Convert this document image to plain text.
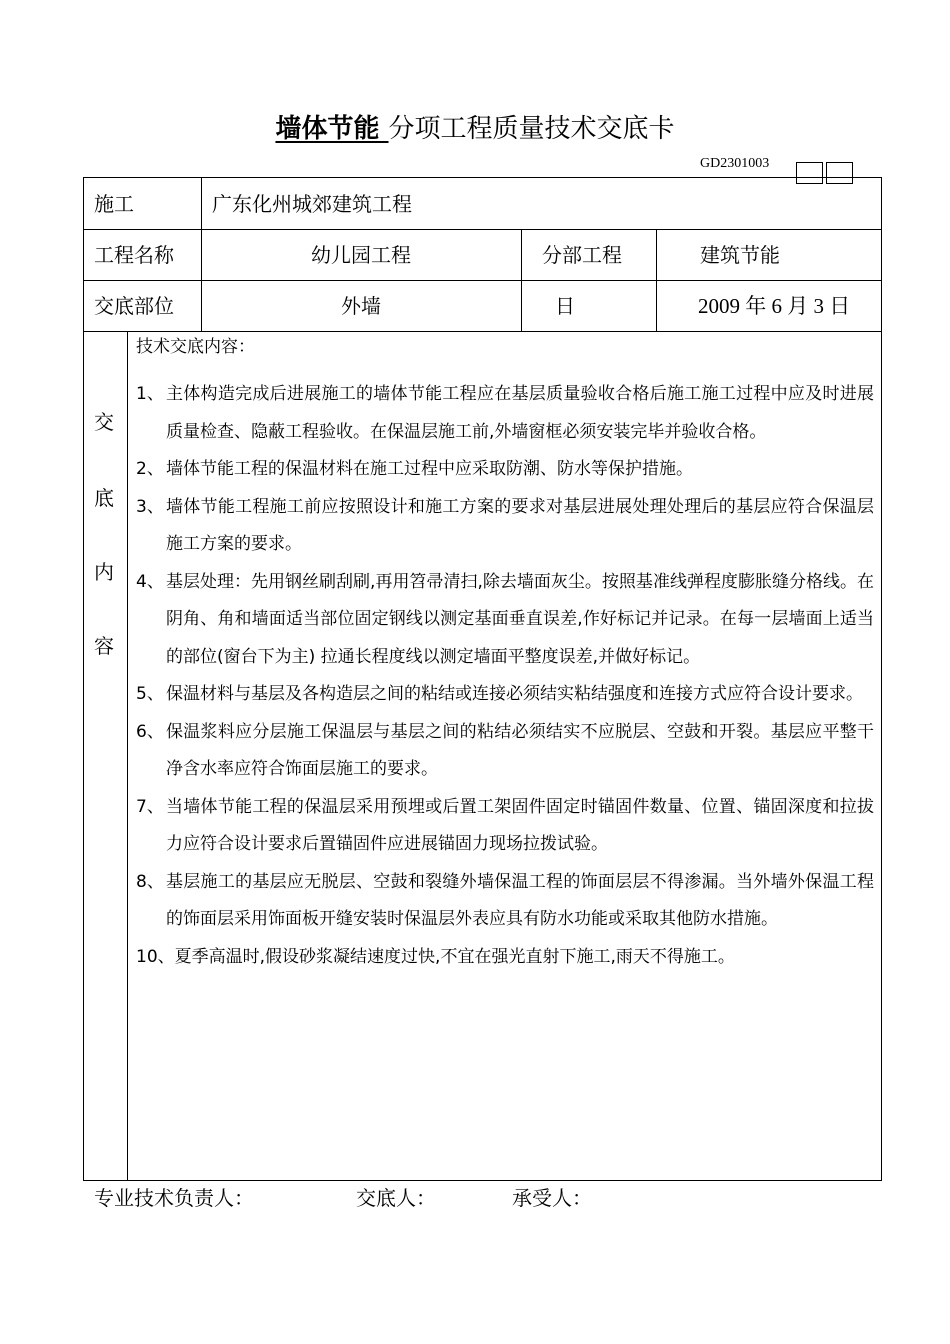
墙体节能 分项工程质量技术交底卡
GD2301003
施工	广东化州城郊建筑工程
工程名称	幼儿园工程	分部工程	建筑节能
交底部位	外墙	日	2009 年 6 月 3 日
交
底
内
容
技术交底内容：
1、 主体构造完成后进展施工的墙体节能工程应在基层质量验收合格后施工施工过程中应及时进展质量检查、隐蔽工程验收。在保温层施工前,外墙窗框必须安装完毕并验收合格。
2、 墙体节能工程的保温材料在施工过程中应采取防潮、防水等保护措施。
3、 墙体节能工程施工前应按照设计和施工方案的要求对基层进展处理处理后的基层应符合保温层施工方案的要求。
4、 基层处理：先用钢丝刷刮刷,再用笤帚清扫,除去墙面灰尘。按照基准线弹程度膨胀缝分格线。在阴角、角和墙面适当部位固定钢线以测定基面垂直误差,作好标记并记录。在每一层墙面上适当的部位(窗台下为主) 拉通长程度线以测定墙面平整度误差,并做好标记。
5、 保温材料与基层及各构造层之间的粘结或连接必须结实粘结强度和连接方式应符合设计要求。
6、 保温浆料应分层施工保温层与基层之间的粘结必须结实不应脱层、空鼓和开裂。基层应平整干净含水率应符合饰面层施工的要求。
7、 当墙体节能工程的保温层采用预埋或后置工架固件固定时锚固件数量、位置、锚固深度和拉拔力应符合设计要求后置锚固件应进展锚固力现场拉拨试验。
8、 基层施工的基层应无脱层、空鼓和裂缝外墙保温工程的饰面层层不得渗漏。当外墙外保温工程的饰面层采用饰面板开缝安装时保温层外表应具有防水功能或采取其他防水措施。
10、 夏季高温时,假设砂浆凝结速度过快,不宜在强光直射下施工,雨天不得施工。
专业技术负责人：	交底人：	承受人：
